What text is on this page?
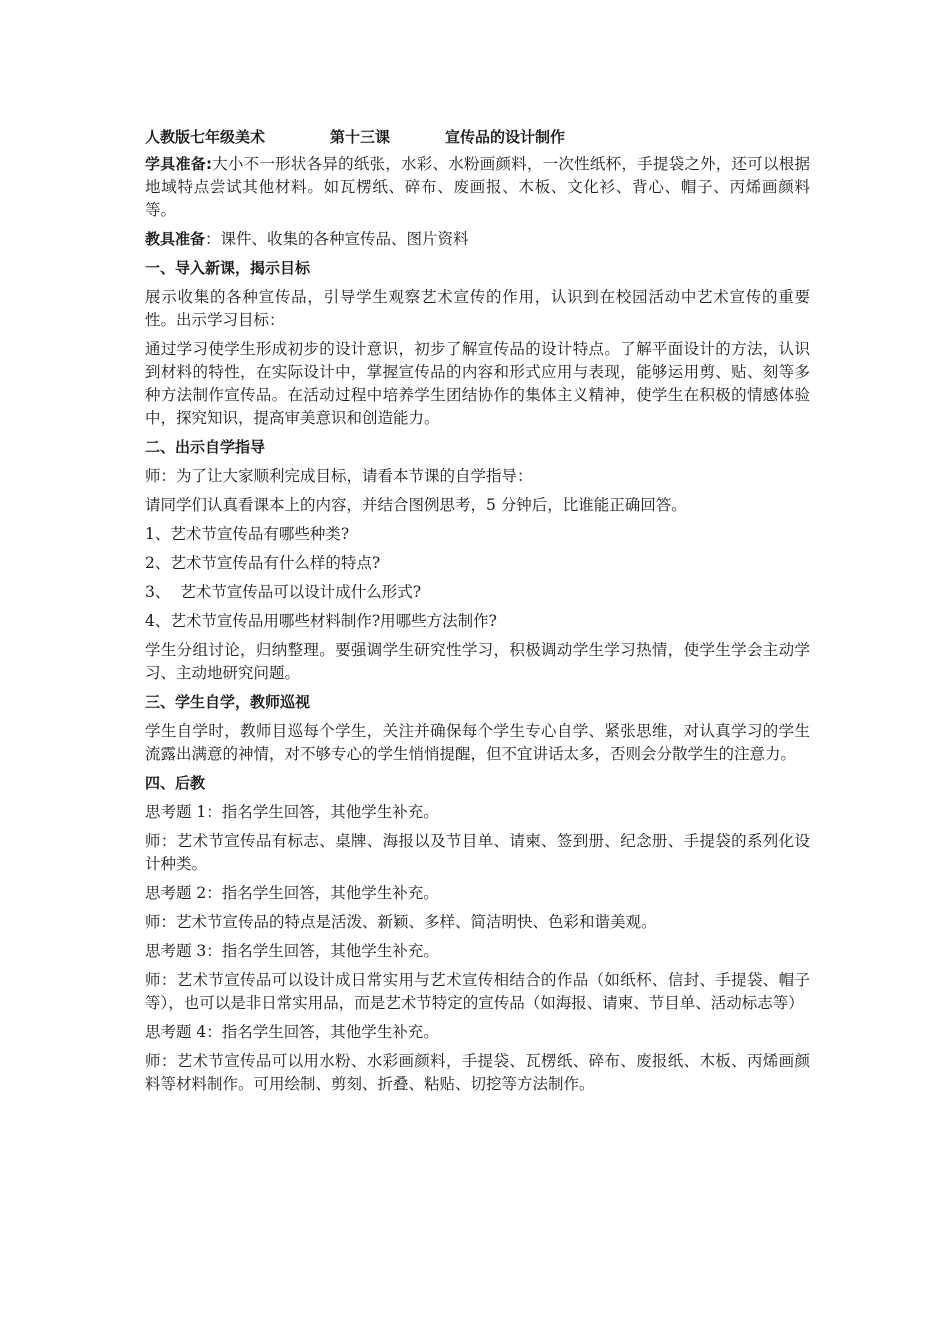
人教版七年级美术	第十三课	宣传品的设计制作

学具准备:大小不一形状各异的纸张，水彩、水粉画颜料，一次性纸杯，手提袋之外，还可以根据地域特点尝试其他材料。如瓦楞纸、碎布、废画报、木板、文化衫、背心、帽子、丙烯画颜料等。

教具准备：课件、收集的各种宣传品、图片资料

一、导入新课，揭示目标

展示收集的各种宣传品，引导学生观察艺术宣传的作用，认识到在校园活动中艺术宣传的重要性。出示学习目标：

通过学习使学生形成初步的设计意识，初步了解宣传品的设计特点。了解平面设计的方法，认识到材料的特性，在实际设计中，掌握宣传品的内容和形式应用与表现，能够运用剪、贴、刻等多种方法制作宣传品。在活动过程中培养学生团结协作的集体主义精神，使学生在积极的情感体验中，探究知识，提高审美意识和创造能力。

二、出示自学指导

师：为了让大家顺利完成目标，请看本节课的自学指导：

请同学们认真看课本上的内容，并结合图例思考，5 分钟后，比谁能正确回答。

1、艺术节宣传品有哪些种类?

2、艺术节宣传品有什么样的特点?

3、  艺术节宣传品可以设计成什么形式?

4、艺术节宣传品用哪些材料制作?用哪些方法制作?

学生分组讨论，归纳整理。要强调学生研究性学习，积极调动学生学习热情，使学生学会主动学习、主动地研究问题。

三、学生自学，教师巡视

学生自学时，教师目巡每个学生，关注并确保每个学生专心自学、紧张思维，对认真学习的学生流露出满意的神情，对不够专心的学生悄悄提醒，但不宜讲话太多，否则会分散学生的注意力。

四、后教

思考题 1：指名学生回答，其他学生补充。

师：艺术节宣传品有标志、桌牌、海报以及节目单、请柬、签到册、纪念册、手提袋的系列化设计种类。

思考题 2：指名学生回答，其他学生补充。

师：艺术节宣传品的特点是活泼、新颖、多样、简洁明快、色彩和谐美观。

思考题 3：指名学生回答，其他学生补充。

师：艺术节宣传品可以设计成日常实用与艺术宣传相结合的作品（如纸杯、信封、手提袋、帽子等），也可以是非日常实用品，而是艺术节特定的宣传品（如海报、请柬、节目单、活动标志等）

思考题 4：指名学生回答，其他学生补充。

师：艺术节宣传品可以用水粉、水彩画颜料，手提袋、瓦楞纸、碎布、废报纸、木板、丙烯画颜料等材料制作。可用绘制、剪刻、折叠、粘贴、切挖等方法制作。
